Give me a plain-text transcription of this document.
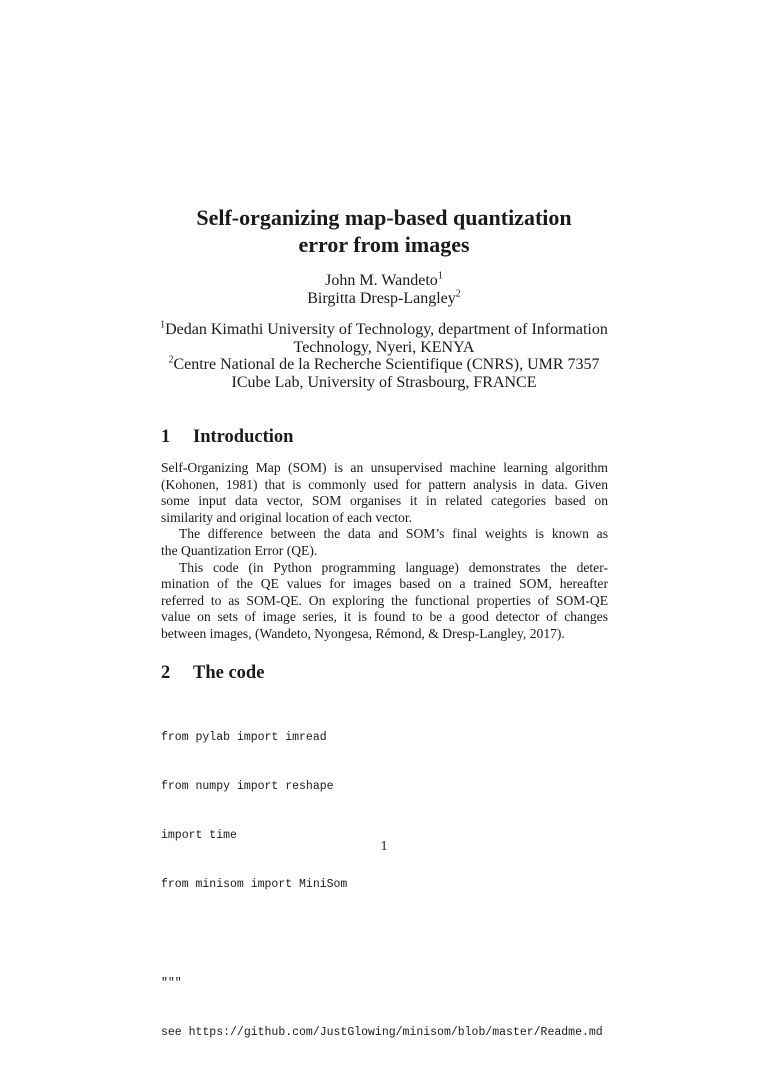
Self-organizing map-based quantization
error from images
John M. Wandeto$^1$
Birgitta Dresp-Langley$^2$
$^1$Dedan Kimathi University of Technology, department of Information
Technology, Nyeri, KENYA
$^2$Centre National de la Recherche Scientifique (CNRS), UMR 7357
ICube Lab, University of Strasbourg, FRANCE
1 Introduction

Self-Organizing Map (SOM) is an unsupervised machine learning algorithm
(Kohonen, 1981) that is commonly used for pattern analysis in data. Given
some input data vector, SOM organises it in related categories based on
similarity and original location of each vector.

The difference between the data and SOM’s final weights is known as
the Quantization Error (QE).

This code (in Python programming language) demonstrates the deter-
mination of the QE values for images based on a trained SOM, hereafter
referred to as SOM-QE. On exploring the functional properties of SOM-QE
value on sets of image series, it is found to be a good detector of changes
between images, (Wandeto, Nyongesa, Rémond, & Dresp-Langley, 2017).

2 The code

from pylab import imread

from numpy import reshape

import time

from minisom import MiniSom

"""

see https://github.com/JustGlowing/minisom/blob/master/Readme.md

1
